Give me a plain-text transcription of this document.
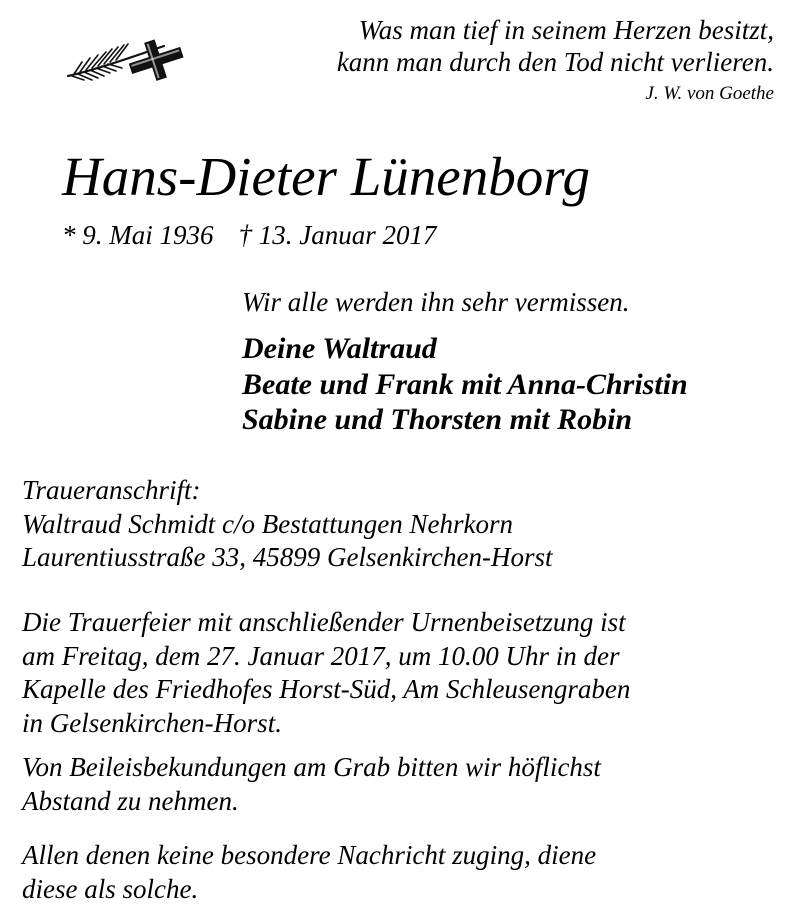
Was man tief in seinem Herzen besitzt,
kann man durch den Tod nicht verlieren.
J. W. von Goethe
Hans-Dieter Lünenborg
* 9. Mai 1936 † 13. Januar 2017
Wir alle werden ihn sehr vermissen.
Deine Waltraud
Beate und Frank mit Anna-Christin
Sabine und Thorsten mit Robin
Traueranschrift:
Waltraud Schmidt c/o Bestattungen Nehrkorn
Laurentiusstraße 33, 45899 Gelsenkirchen-Horst
Die Trauerfeier mit anschließender Urnenbeisetzung ist
am Freitag, dem 27. Januar 2017, um 10.00 Uhr in der
Kapelle des Friedhofes Horst-Süd, Am Schleusengraben
in Gelsenkirchen-Horst.
Von Beileisbekundungen am Grab bitten wir höflichst
Abstand zu nehmen.
Allen denen keine besondere Nachricht zuging, diene
diese als solche.
